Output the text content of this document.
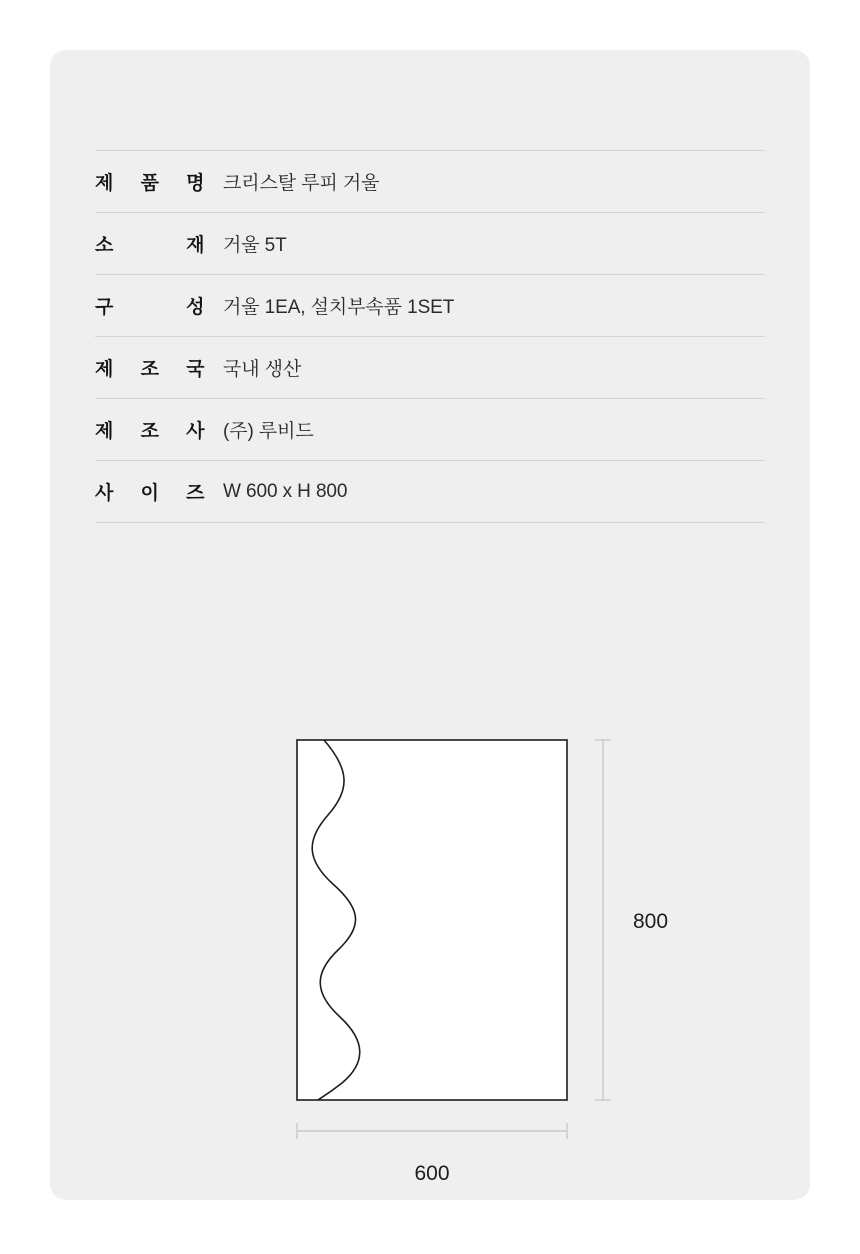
제 품 명 크리스탈 루피 거울
소	재 거울 5T
구	성 거울 1EA, 설치부속품 1SET
제 조 국 국내 생산
제 조 사 (주) 루비드
사 이 즈 W 600 x H 800
800
600
